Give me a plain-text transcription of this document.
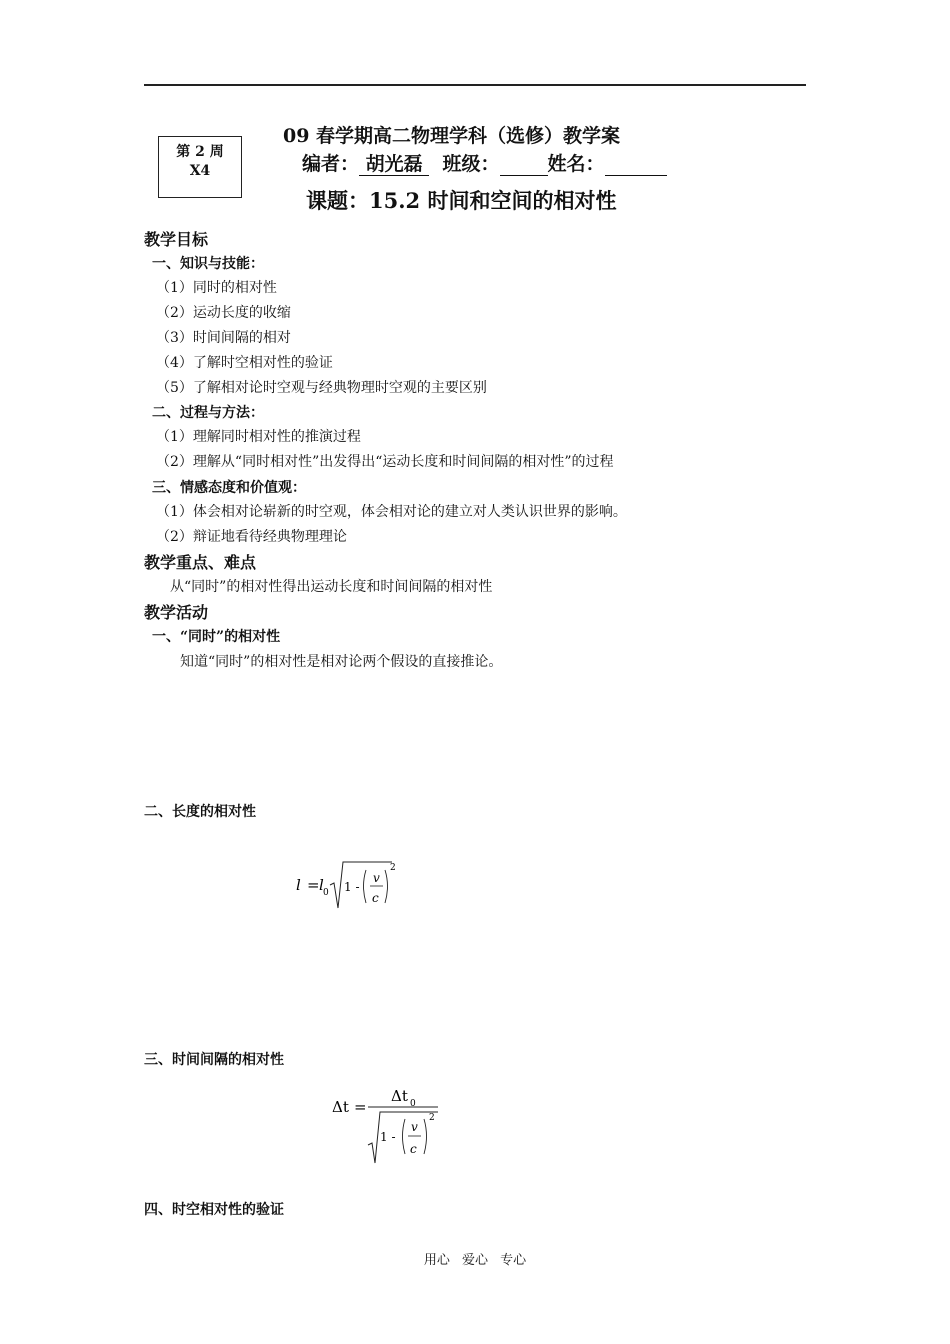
第 2 周
X4
09 春学期高二物理学科（选修）教学案
编者： 胡光磊 班级：	姓名：
课题：15.2 时间和空间的相对性
教学目标
一、知识与技能：
（1）同时的相对性
（2）运动长度的收缩
（3）时间间隔的相对
（4）了解时空相对性的验证
（5）了解相对论时空观与经典物理时空观的主要区别
二、过程与方法：
（1）理解同时相对性的推演过程
（2）理解从“同时相对性”出发得出“运动长度和时间间隔的相对性”的过程
三、情感态度和价值观：
（1）体会相对论崭新的时空观，体会相对论的建立对人类认识世界的影响。
（2）辩证地看待经典物理理论
教学重点、难点
从“同时”的相对性得出运动长度和时间间隔的相对性
教学活动
一、“同时”的相对性
知道“同时”的相对性是相对论两个假设的直接推论。
二、长度的相对性
l = l 0 1 -
v
c
2
三、时间间隔的相对性
Δt =
Δt 0
1 -
v
c
2
四、时空相对性的验证
用心 爱心 专心
